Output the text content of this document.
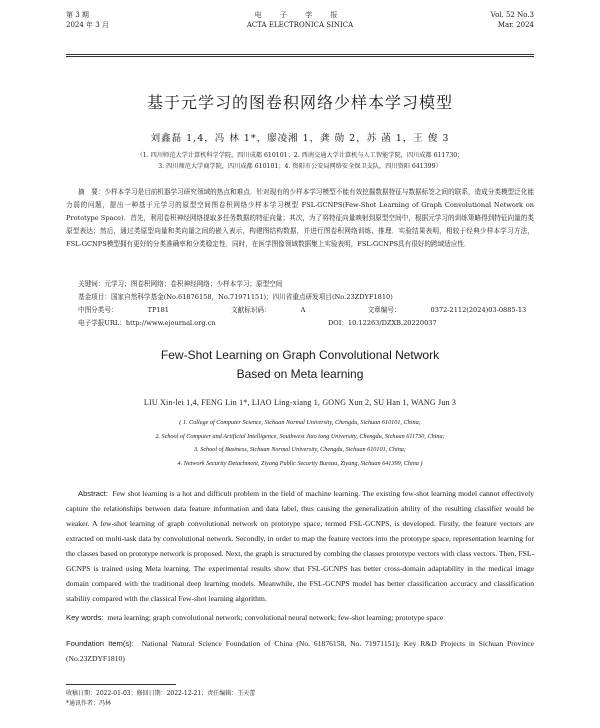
第 3 期
2024 年 3 月
电 子 学 报
ACTA ELECTRONICA SINICA
Vol. 52 No.3
Mar. 2024
基于元学习的图卷积网络少样本学习模型
刘鑫磊 1,4，冯 林 1*，廖凌湘 1，龚 勋 2，苏 菡 1，王 俊 3
（1. 四川师范大学计算机科学学院，四川成都 610101；2. 西南交通大学计算机与人工智能学院，四川成都 611730；
3. 四川师范大学商学院，四川成都 610101；4. 资阳市公安局网络安全保卫支队，四川资阳 641399）
摘　要：少样本学习是目前机器学习研究领域的热点和难点．针对现有的少样本学习模型不能有效挖掘数据特征与数据标签之间的联系，造成分类模型泛化能力弱的问题，提出一种基于元学习的原型空间图卷积网络少样本学习模型 FSL-GCNPS(Few-Shot Learning of Graph Convolutional Network on Prototype Space)．首先，利用卷积神经网络提取多任务数据的特征向量；其次，为了将特征向量映射到原型空间中，根据元学习的训练策略得到特征向量的类原型表达；然后，通过类原型向量和类向量之间的嵌入表示，构建图结构数据，并进行图卷积网络训练、推理．实验结果表明，相较于经典少样本学习方法，FSL-GCNPS模型拥有更好的分类准确率和分类稳定性．同时，在医学图像领域数据集上实验表明，FSL-GCNPS具有很好的跨域适应性．
关键词：元学习；图卷积网络；卷积神经网络；少样本学习；原型空间
基金项目：国家自然科学基金(No.61876158，No.71971151)；四川省重点研发项目(No.23ZDYF1810)
中图分类号：	TP181	文献标识码：	A	文章编号：	0372-2112(2024)03-0885-13
电子学报URL：http://www.ejournal.org.cn	DOI：10.12263/DZXB.20220037
Few-Shot Learning on Graph Convolutional Network
Based on Meta learning
LIU Xin-lei 1,4, FENG Lin 1*, LIAO Ling-xiang 1, GONG Xun 2, SU Han 1, WANG Jun 3
( 1. College of Computer Science, Sichuan Normal University, Chengdu, Sichuan 610101, China;
2. School of Computer and Artificial Intelligence, Southwest Jiao tong University, Chengdu, Sichuan 611730, China;
3. School of Business, Sichuan Normal University, Chengdu, Sichuan 610101, China;
4. Network Security Detachment, Ziyang Public Security Bureau, Ziyang, Sichuan 641399, China )
Abstract: Few shot learning is a hot and difficult problem in the field of machine learning. The existing few-shot learning model cannot effectively capture the relationships between data feature information and data label, thus causing the generalization ability of the resulting classifier would be weaker. A few-shot learning of graph convolutional network on prototype space, termed FSL-GCNPS, is developed. Firstly, the feature vectors are extracted on multi-task data by convolutional network. Secondly, in order to map the feature vectors into the prototype space, representation learning for the classes based on prototype network is proposed. Next, the graph is structured by combing the classes prototype vectors with class vectors. Then, FSL-GCNPS is trained using Meta learning. The experimental results show that FSL-GCNPS has better cross-domain adaptability in the medical image domain compared with the traditional deep learning models. Meanwhile, the FSL-GCNPS model has better classification accuracy and classification stability compared with the classical Few-shot learning algorithm.
Key words: meta learning; graph convolutional network; convolutional neural network; few-shot learning; prototype space
Foundation Item(s): National Natural Science Foundation of China (No. 61876158, No. 71971151); Key R&D Projects in Sichuan Province (No.23ZDYF1810)
收稿日期：2022-01-03；修回日期：2022-12-21；责任编辑：王天蕾
*通讯作者：冯林
